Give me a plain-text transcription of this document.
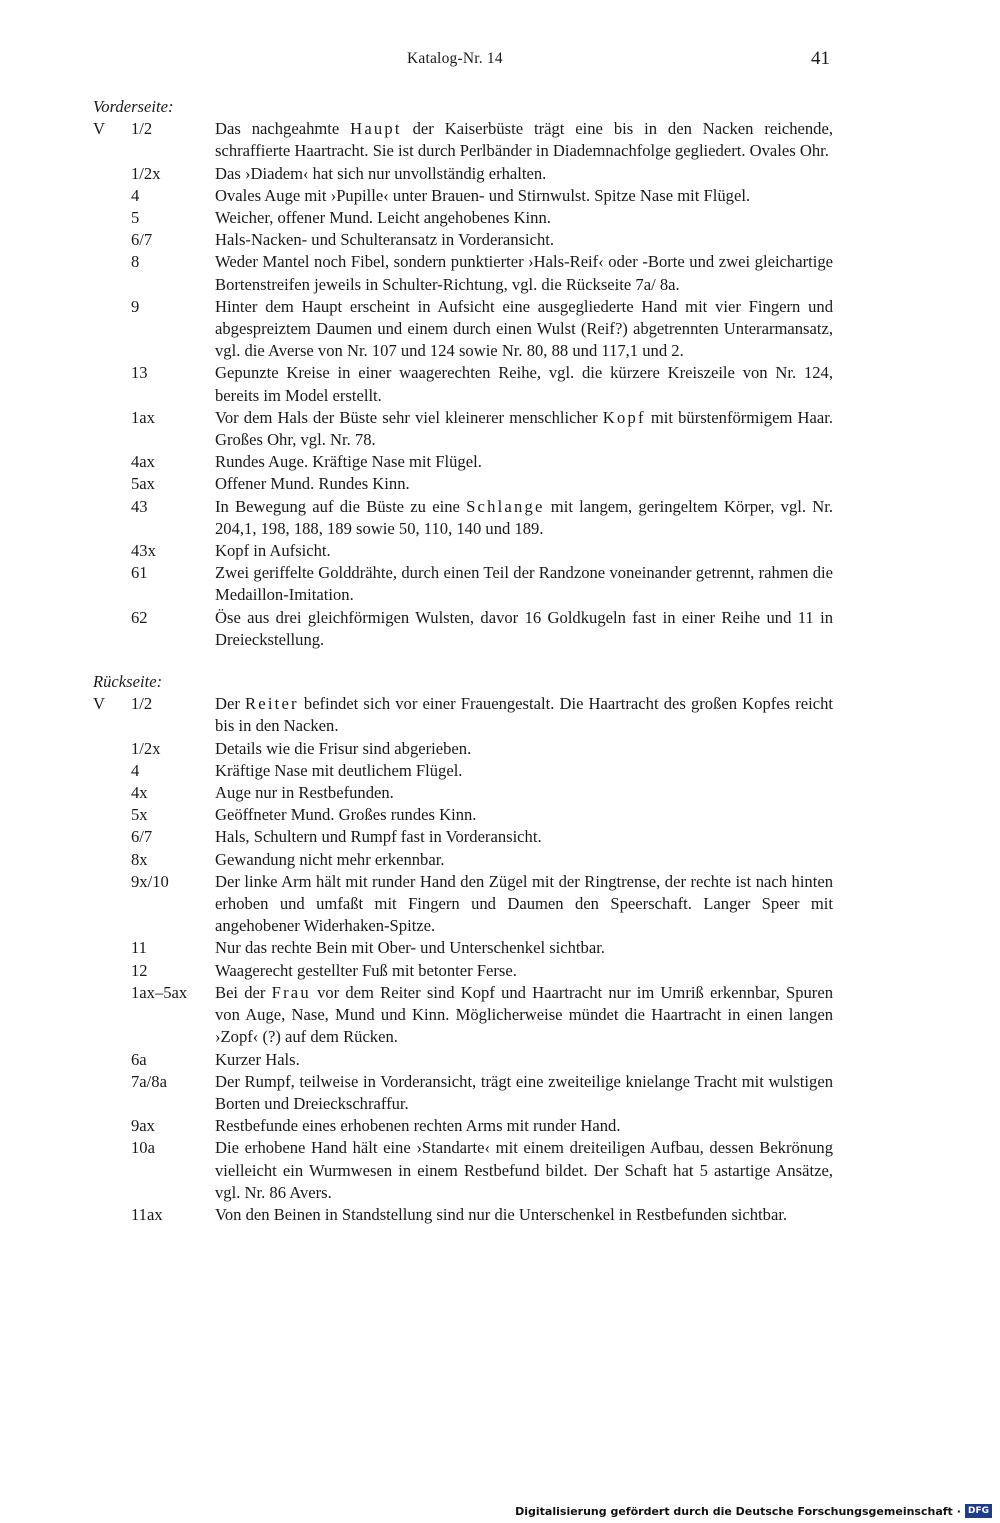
Katalog-Nr. 14	41
Vorderseite:
V	1/2	Das nachgeahmte Haupt der Kaiserbüste trägt eine bis in den Nacken reichende, schraffierte Haartracht. Sie ist durch Perlbänder in Diademnachfolge gegliedert. Ovales Ohr.
1/2x	Das ›Diadem‹ hat sich nur unvollständig erhalten.
4	Ovales Auge mit ›Pupille‹ unter Brauen- und Stirnwulst. Spitze Nase mit Flügel.
5	Weicher, offener Mund. Leicht angehobenes Kinn.
6/7	Hals-Nacken- und Schulteransatz in Vorderansicht.
8	Weder Mantel noch Fibel, sondern punktierter ›Hals-Reif‹ oder -Borte und zwei gleichartige Bortenstreifen jeweils in Schulter-Richtung, vgl. die Rückseite 7a/ 8a.
9	Hinter dem Haupt erscheint in Aufsicht eine ausgegliederte Hand mit vier Fingern und abgespreiztem Daumen und einem durch einen Wulst (Reif?) abgetrennten Unterarmansatz, vgl. die Averse von Nr. 107 und 124 sowie Nr. 80, 88 und 117,1 und 2.
13	Gepunzte Kreise in einer waagerechten Reihe, vgl. die kürzere Kreiszeile von Nr. 124, bereits im Model erstellt.
1ax	Vor dem Hals der Büste sehr viel kleinerer menschlicher Kopf mit bürstenförmigem Haar. Großes Ohr, vgl. Nr. 78.
4ax	Rundes Auge. Kräftige Nase mit Flügel.
5ax	Offener Mund. Rundes Kinn.
43	In Bewegung auf die Büste zu eine Schlange mit langem, geringeltem Körper, vgl. Nr. 204,1, 198, 188, 189 sowie 50, 110, 140 und 189.
43x	Kopf in Aufsicht.
61	Zwei geriffelte Golddrähte, durch einen Teil der Randzone voneinander getrennt, rahmen die Medaillon-Imitation.
62	Öse aus drei gleichförmigen Wulsten, davor 16 Goldkugeln fast in einer Reihe und 11 in Dreieckstellung.
Rückseite:
V	1/2	Der Reiter befindet sich vor einer Frauengestalt. Die Haartracht des großen Kopfes reicht bis in den Nacken.
1/2x	Details wie die Frisur sind abgerieben.
4	Kräftige Nase mit deutlichem Flügel.
4x	Auge nur in Restbefunden.
5x	Geöffneter Mund. Großes rundes Kinn.
6/7	Hals, Schultern und Rumpf fast in Vorderansicht.
8x	Gewandung nicht mehr erkennbar.
9x/10	Der linke Arm hält mit runder Hand den Zügel mit der Ringtrense, der rechte ist nach hinten erhoben und umfaßt mit Fingern und Daumen den Speerschaft. Langer Speer mit angehobener Widerhaken-Spitze.
11	Nur das rechte Bein mit Ober- und Unterschenkel sichtbar.
12	Waagerecht gestellter Fuß mit betonter Ferse.
1ax–5ax	Bei der Frau vor dem Reiter sind Kopf und Haartracht nur im Umriß erkennbar, Spuren von Auge, Nase, Mund und Kinn. Möglicherweise mündet die Haartracht in einen langen ›Zopf‹ (?) auf dem Rücken.
6a	Kurzer Hals.
7a/8a	Der Rumpf, teilweise in Vorderansicht, trägt eine zweiteilige knielange Tracht mit wulstigen Borten und Dreieckschraffur.
9ax	Restbefunde eines erhobenen rechten Arms mit runder Hand.
10a	Die erhobene Hand hält eine ›Standarte‹ mit einem dreiteiligen Aufbau, dessen Bekrönung vielleicht ein Wurmwesen in einem Restbefund bildet. Der Schaft hat 5 astartige Ansätze, vgl. Nr. 86 Avers.
11ax	Von den Beinen in Standstellung sind nur die Unterschenkel in Restbefunden sichtbar.
Digitalisierung gefördert durch die Deutsche Forschungsgemeinschaft · DFG
